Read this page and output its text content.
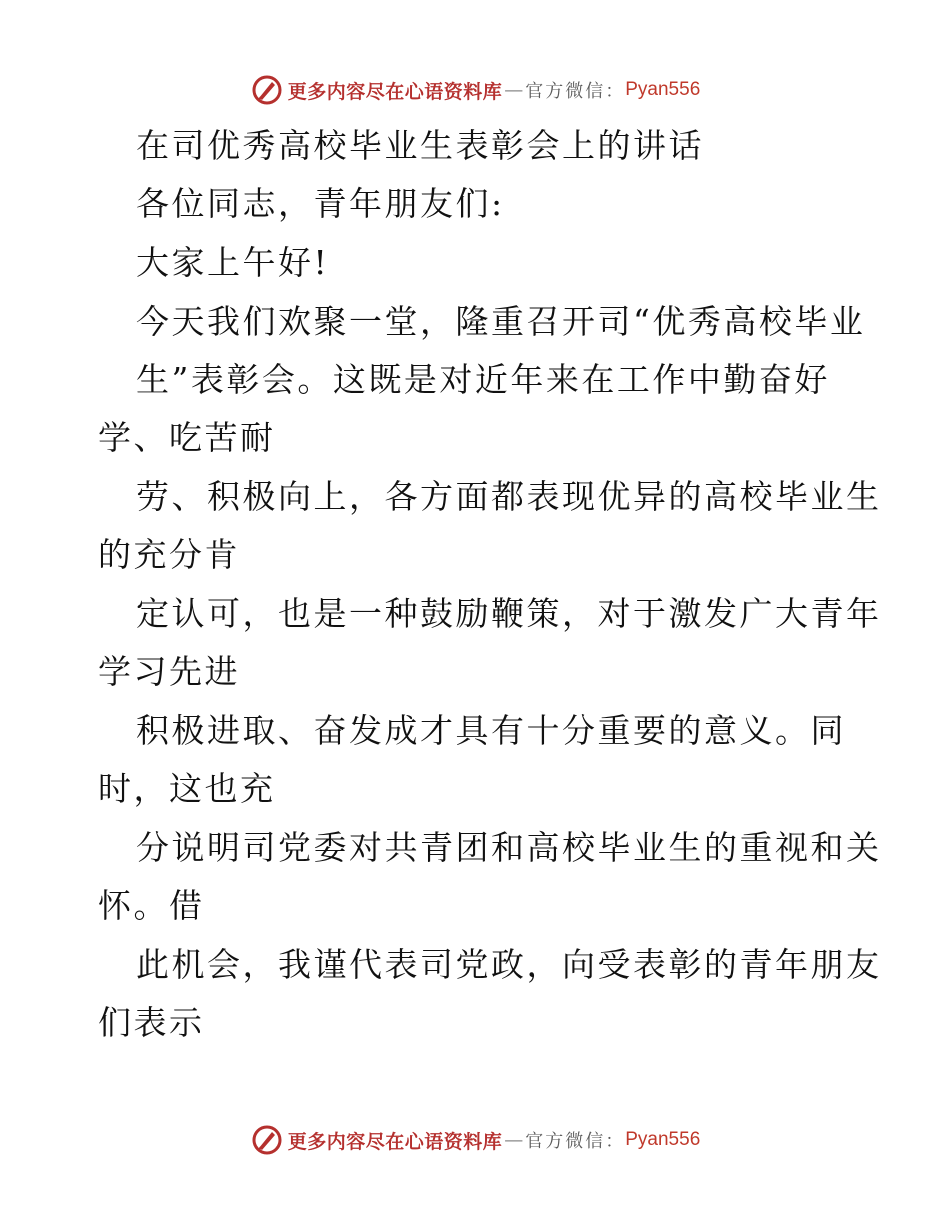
更多内容尽在心语资料库 — 官方微信： Pyan556
在司优秀高校毕业生表彰会上的讲话
各位同志，青年朋友们:
大家上午好!
今天我们欢聚一堂，隆重召开司“优秀高校毕业
生”表彰会。这既是对近年来在工作中勤奋好
学、吃苦耐
劳、积极向上，各方面都表现优异的高校毕业生
的充分肯
定认可，也是一种鼓励鞭策，对于激发广大青年
学习先进
积极进取、奋发成才具有十分重要的意义。同
时，这也充
分说明司党委对共青团和高校毕业生的重视和关
怀。借
此机会，我谨代表司党政，向受表彰的青年朋友
们表示
更多内容尽在心语资料库 — 官方微信： Pyan556
